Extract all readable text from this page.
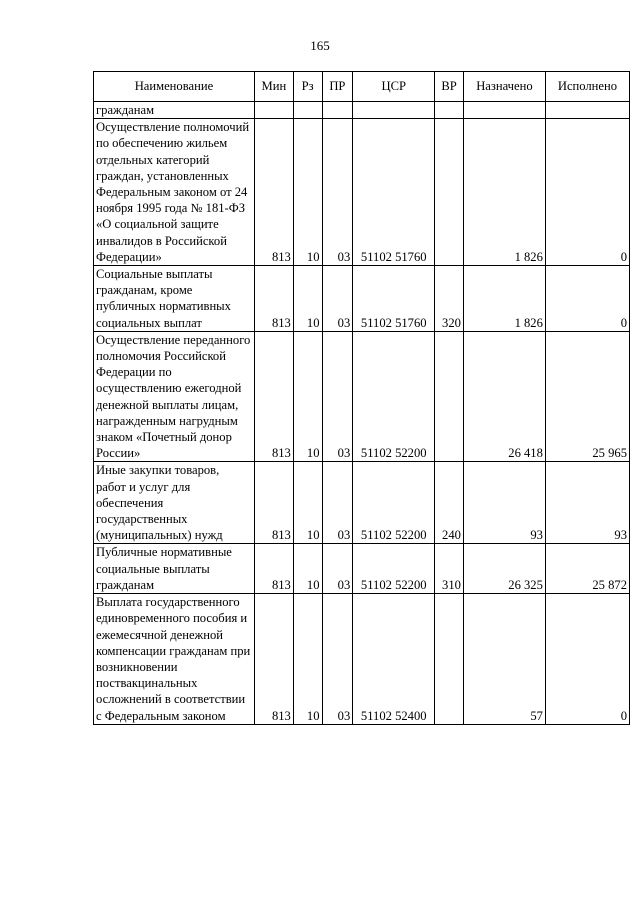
165
Наименование	Мин	Рз	ПР	ЦСР	ВР	Назначено	Исполнено
гражданам							
Осуществление полномочий по обеспечению жильем отдельных категорий граждан, установленных Федеральным законом от 24 ноября 1995 года № 181-ФЗ «О социальной защите инвалидов в Российской Федерации»	813	10	03	51102 51760		1 826	0
Социальные выплаты гражданам, кроме публичных нормативных социальных выплат	813	10	03	51102 51760	320	1 826	0
Осуществление переданного полномочия Российской Федерации по осуществлению ежегодной денежной выплаты лицам, награжденным нагрудным знаком «Почетный донор России»	813	10	03	51102 52200		26 418	25 965
Иные закупки товаров, работ и услуг для обеспечения государственных (муниципальных) нужд	813	10	03	51102 52200	240	93	93
Публичные нормативные социальные выплаты гражданам	813	10	03	51102 52200	310	26 325	25 872
Выплата государственного единовременного пособия и ежемесячной денежной компенсации гражданам при возникновении поствакцинальных осложнений в соответствии с Федеральным законом	813	10	03	51102 52400		57	0
